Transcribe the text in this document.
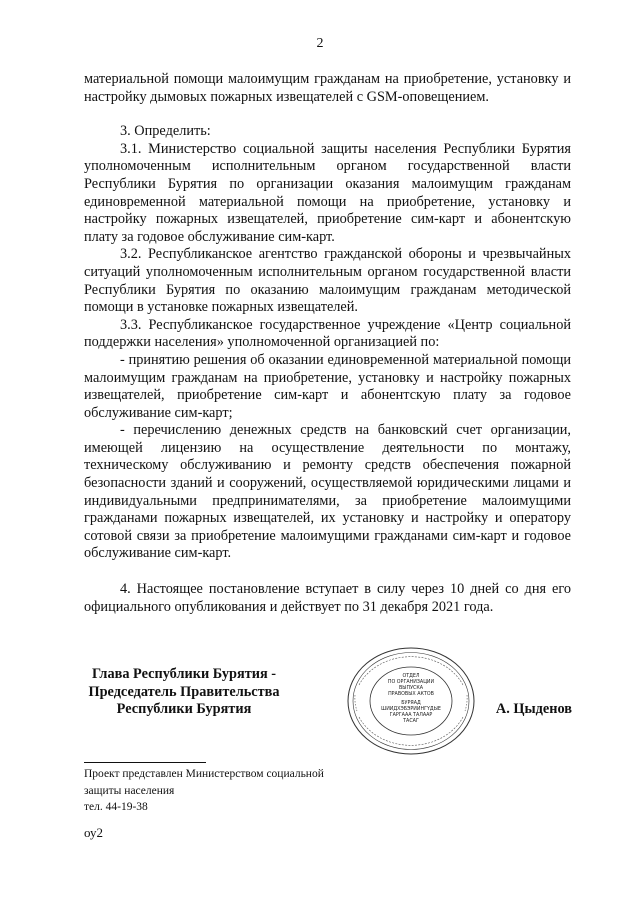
2

материальной помощи малоимущим гражданам на приобретение, установку и настройку дымовых пожарных извещателей с GSM-оповещением.

3. Определить:

3.1. Министерство социальной защиты населения Республики Бурятия уполномоченным исполнительным органом государственной власти Республики Бурятия по организации оказания малоимущим гражданам единовременной материальной помощи на приобретение, установку и настройку пожарных извещателей, приобретение сим-карт и абонентскую плату за годовое обслуживание сим-карт.

3.2. Республиканское агентство гражданской обороны и чрезвычайных ситуаций уполномоченным исполнительным органом государственной власти Республики Бурятия по оказанию малоимущим гражданам методической помощи в установке пожарных извещателей.

3.3. Республиканское государственное учреждение «Центр социальной поддержки населения» уполномоченной организацией по:

- принятию решения об оказании единовременной материальной помощи малоимущим гражданам на приобретение, установку и настройку пожарных извещателей, приобретение сим-карт и абонентскую плату за годовое обслуживание сим-карт;

- перечислению денежных средств на банковский счет организации, имеющей лицензию на осуществление деятельности по монтажу, техническому обслуживанию и ремонту средств обеспечения пожарной безопасности зданий и сооружений, осуществляемой юридическими лицами и индивидуальными предпринимателями, за приобретение малоимущими гражданами пожарных извещателей, их установку и настройку и оператору сотовой связи за приобретение малоимущими гражданами сим-карт и годовое обслуживание сим-карт.

4. Настоящее постановление вступает в силу через 10 дней со дня его официального опубликования и действует по 31 декабря 2021 года.

Глава Республики Бурятия -
Председатель Правительства
Республики Бурятия
ОТДЕЛ
ПО ОРГАНИЗАЦИИ
ВЫПУСКА
ПРАВОВЫХ АКТОВ
БУРЯАД
ШИИДХЭБЭРИИНГҮДЫЕ
ГАРГААА ТАЛААР
ТАСАГ
А. Цыденов
Проект представлен Министерством социальной
защиты населения
тел. 44-19-38
оу2
